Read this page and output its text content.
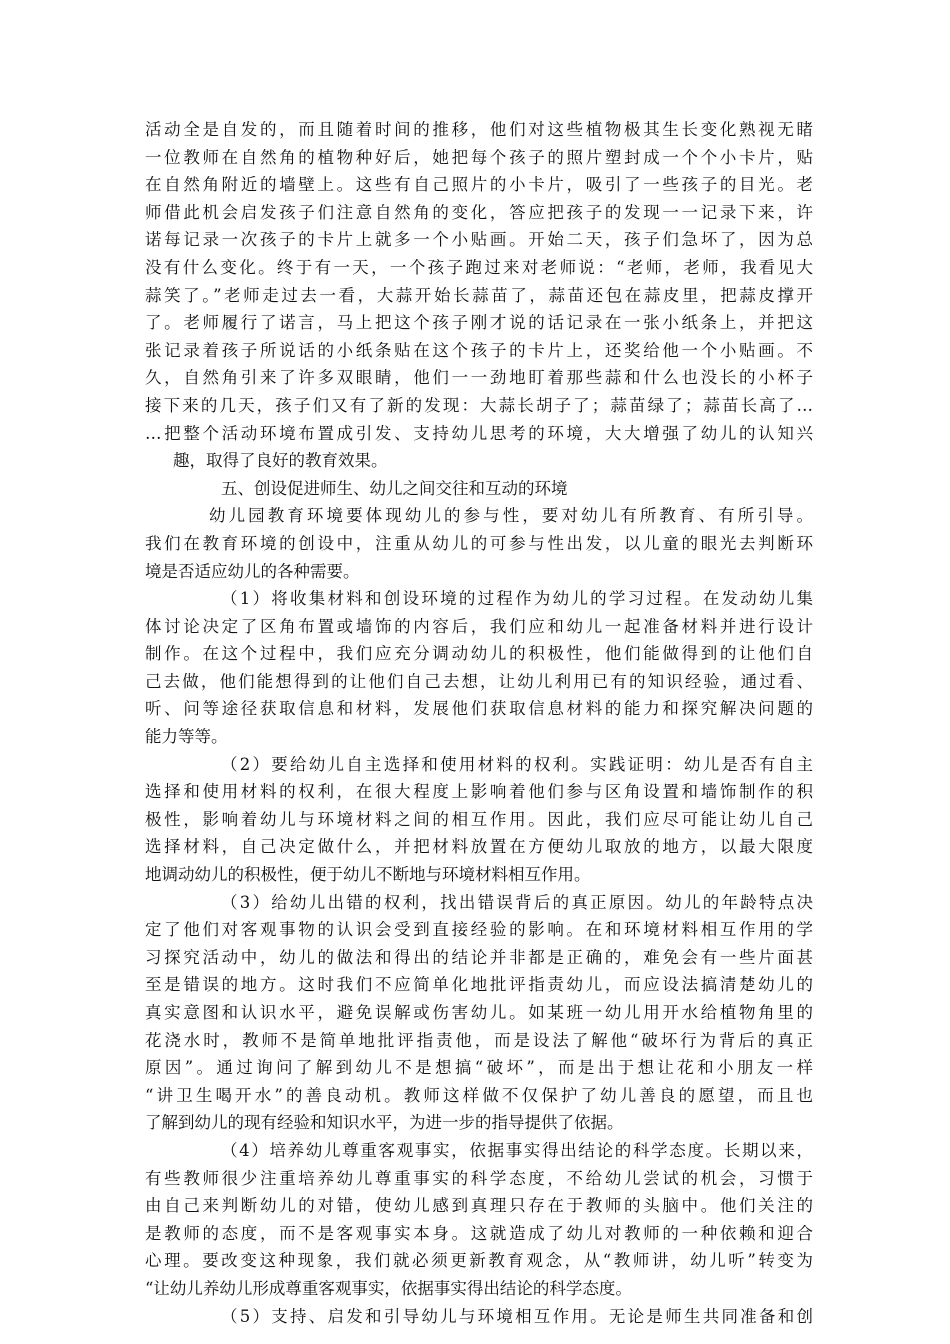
活动全是自发的，而且随着时间的推移，他们对这些植物极其生长变化熟视无睹
一位教师在自然角的植物种好后，她把每个孩子的照片塑封成一个个小卡片，贴
在自然角附近的墙壁上。这些有自己照片的小卡片，吸引了一些孩子的目光。老
师借此机会启发孩子们注意自然角的变化，答应把孩子的发现一一记录下来，许
诺每记录一次孩子的卡片上就多一个小贴画。开始二天，孩子们急坏了，因为总
没有什么变化。终于有一天，一个孩子跑过来对老师说：“老师，老师，我看见大
蒜笑了。”老师走过去一看，大蒜开始长蒜苗了，蒜苗还包在蒜皮里，把蒜皮撑开
了。老师履行了诺言，马上把这个孩子刚才说的话记录在一张小纸条上，并把这
张记录着孩子所说话的小纸条贴在这个孩子的卡片上，还奖给他一个小贴画。不
久，自然角引来了许多双眼睛，他们一一劲地盯着那些蒜和什么也没长的小杯子
接下来的几天，孩子们又有了新的发现：大蒜长胡子了；蒜苗绿了；蒜苗长高了…
…把整个活动环境布置成引发、支持幼儿思考的环境，大大增强了幼儿的认知兴
趣，取得了良好的教育效果。
五、创设促进师生、幼儿之间交往和互动的环境
幼儿园教育环境要体现幼儿的参与性，要对幼儿有所教育、有所引导。
我们在教育环境的创设中，注重从幼儿的可参与性出发，以儿童的眼光去判断环
境是否适应幼儿的各种需要。
（1）将收集材料和创设环境的过程作为幼儿的学习过程。在发动幼儿集
体讨论决定了区角布置或墙饰的内容后，我们应和幼儿一起准备材料并进行设计
制作。在这个过程中，我们应充分调动幼儿的积极性，他们能做得到的让他们自
己去做，他们能想得到的让他们自己去想，让幼儿利用已有的知识经验，通过看、
听、问等途径获取信息和材料，发展他们获取信息材料的能力和探究解决问题的
能力等等。
（2）要给幼儿自主选择和使用材料的权利。实践证明：幼儿是否有自主
选择和使用材料的权利，在很大程度上影响着他们参与区角设置和墙饰制作的积
极性，影响着幼儿与环境材料之间的相互作用。因此，我们应尽可能让幼儿自己
选择材料，自己决定做什么，并把材料放置在方便幼儿取放的地方，以最大限度
地调动幼儿的积极性，便于幼儿不断地与环境材料相互作用。
（3）给幼儿出错的权利，找出错误背后的真正原因。幼儿的年龄特点决
定了他们对客观事物的认识会受到直接经验的影响。在和环境材料相互作用的学
习探究活动中，幼儿的做法和得出的结论并非都是正确的，难免会有一些片面甚
至是错误的地方。这时我们不应简单化地批评指责幼儿，而应设法搞清楚幼儿的
真实意图和认识水平，避免误解或伤害幼儿。如某班一幼儿用开水给植物角里的
花浇水时，教师不是简单地批评指责他，而是设法了解他“破坏行为背后的真正
原因”。通过询问了解到幼儿不是想搞“破坏”，而是出于想让花和小朋友一样
“讲卫生喝开水”的善良动机。教师这样做不仅保护了幼儿善良的愿望，而且也
了解到幼儿的现有经验和知识水平，为进一步的指导提供了依据。
（4）培养幼儿尊重客观事实，依据事实得出结论的科学态度。长期以来，
有些教师很少注重培养幼儿尊重事实的科学态度，不给幼儿尝试的机会，习惯于
由自己来判断幼儿的对错，使幼儿感到真理只存在于教师的头脑中。他们关注的
是教师的态度，而不是客观事实本身。这就造成了幼儿对教师的一种依赖和迎合
心理。要改变这种现象，我们就必须更新教育观念，从“教师讲，幼儿听”转变为
“让幼儿养幼儿形成尊重客观事实，依据事实得出结论的科学态度。
（5）支持、启发和引导幼儿与环境相互作用。无论是师生共同准备和创
